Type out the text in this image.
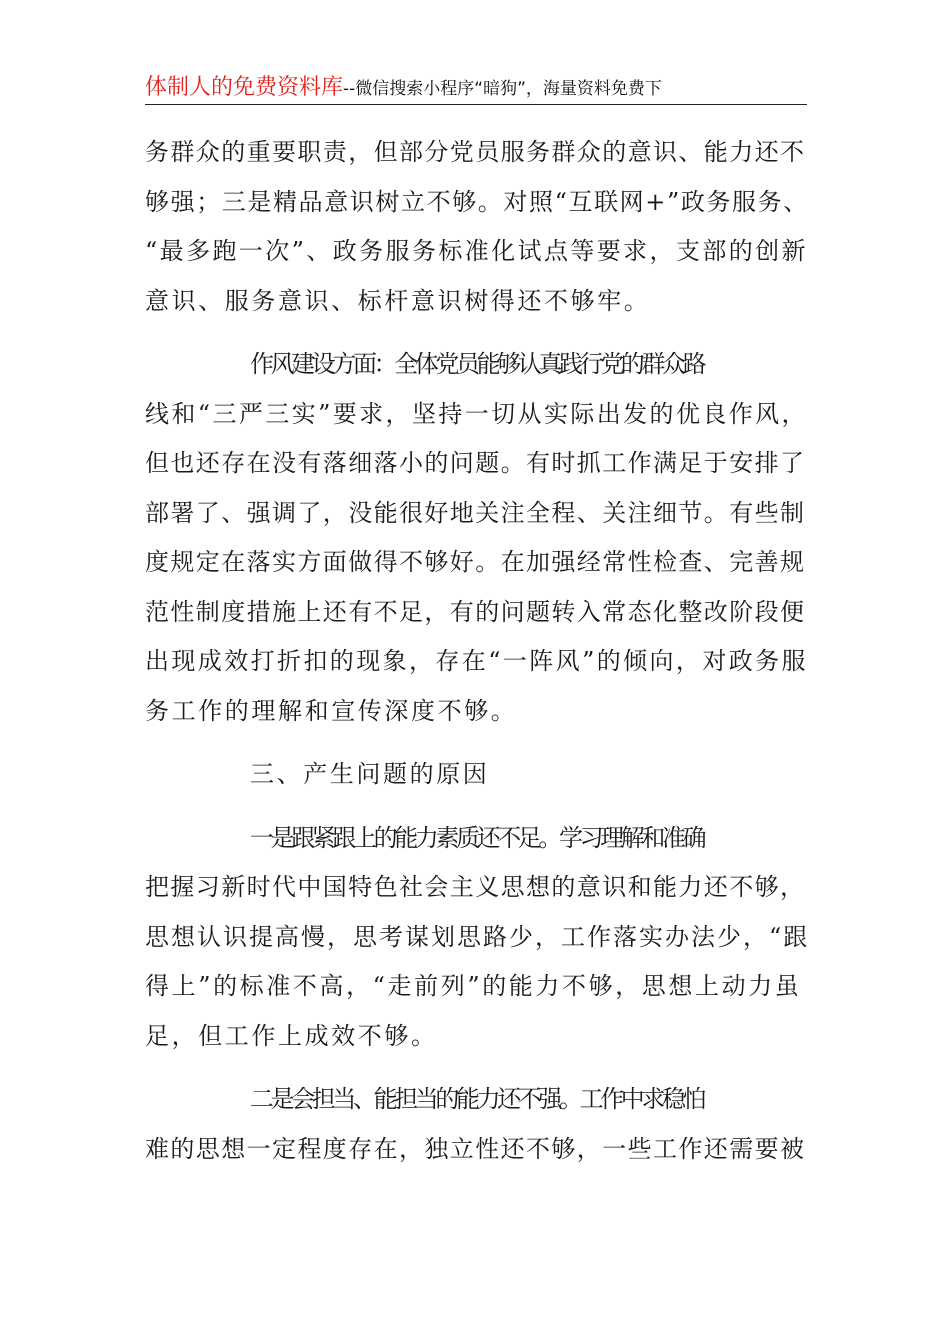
体制人的免费资料库--微信搜索小程序“暗狗”，海量资料免费下
务群众的重要职责，但部分党员服务群众的意识、能力还不
够强；三是精品意识树立不够。对照“互联网+”政务服务、
“最多跑一次”、政务服务标准化试点等要求，支部的创新
意识、服务意识、标杆意识树得还不够牢。
作风建设方面：全体党员能够认真践行党的群众路
线和“三严三实”要求，坚持一切从实际出发的优良作风，
但也还存在没有落细落小的问题。有时抓工作满足于安排了
部署了、强调了，没能很好地关注全程、关注细节。有些制
度规定在落实方面做得不够好。在加强经常性检查、完善规
范性制度措施上还有不足，有的问题转入常态化整改阶段便
出现成效打折扣的现象，存在“一阵风”的倾向，对政务服
务工作的理解和宣传深度不够。
三、产生问题的原因
一是跟紧跟上的能力素质还不足。学习理解和准确
把握习新时代中国特色社会主义思想的意识和能力还不够，
思想认识提高慢，思考谋划思路少，工作落实办法少，“跟
得上”的标准不高，“走前列”的能力不够，思想上动力虽
足，但工作上成效不够。
二是会担当、能担当的能力还不强。工作中求稳怕
难的思想一定程度存在，独立性还不够，一些工作还需要被
